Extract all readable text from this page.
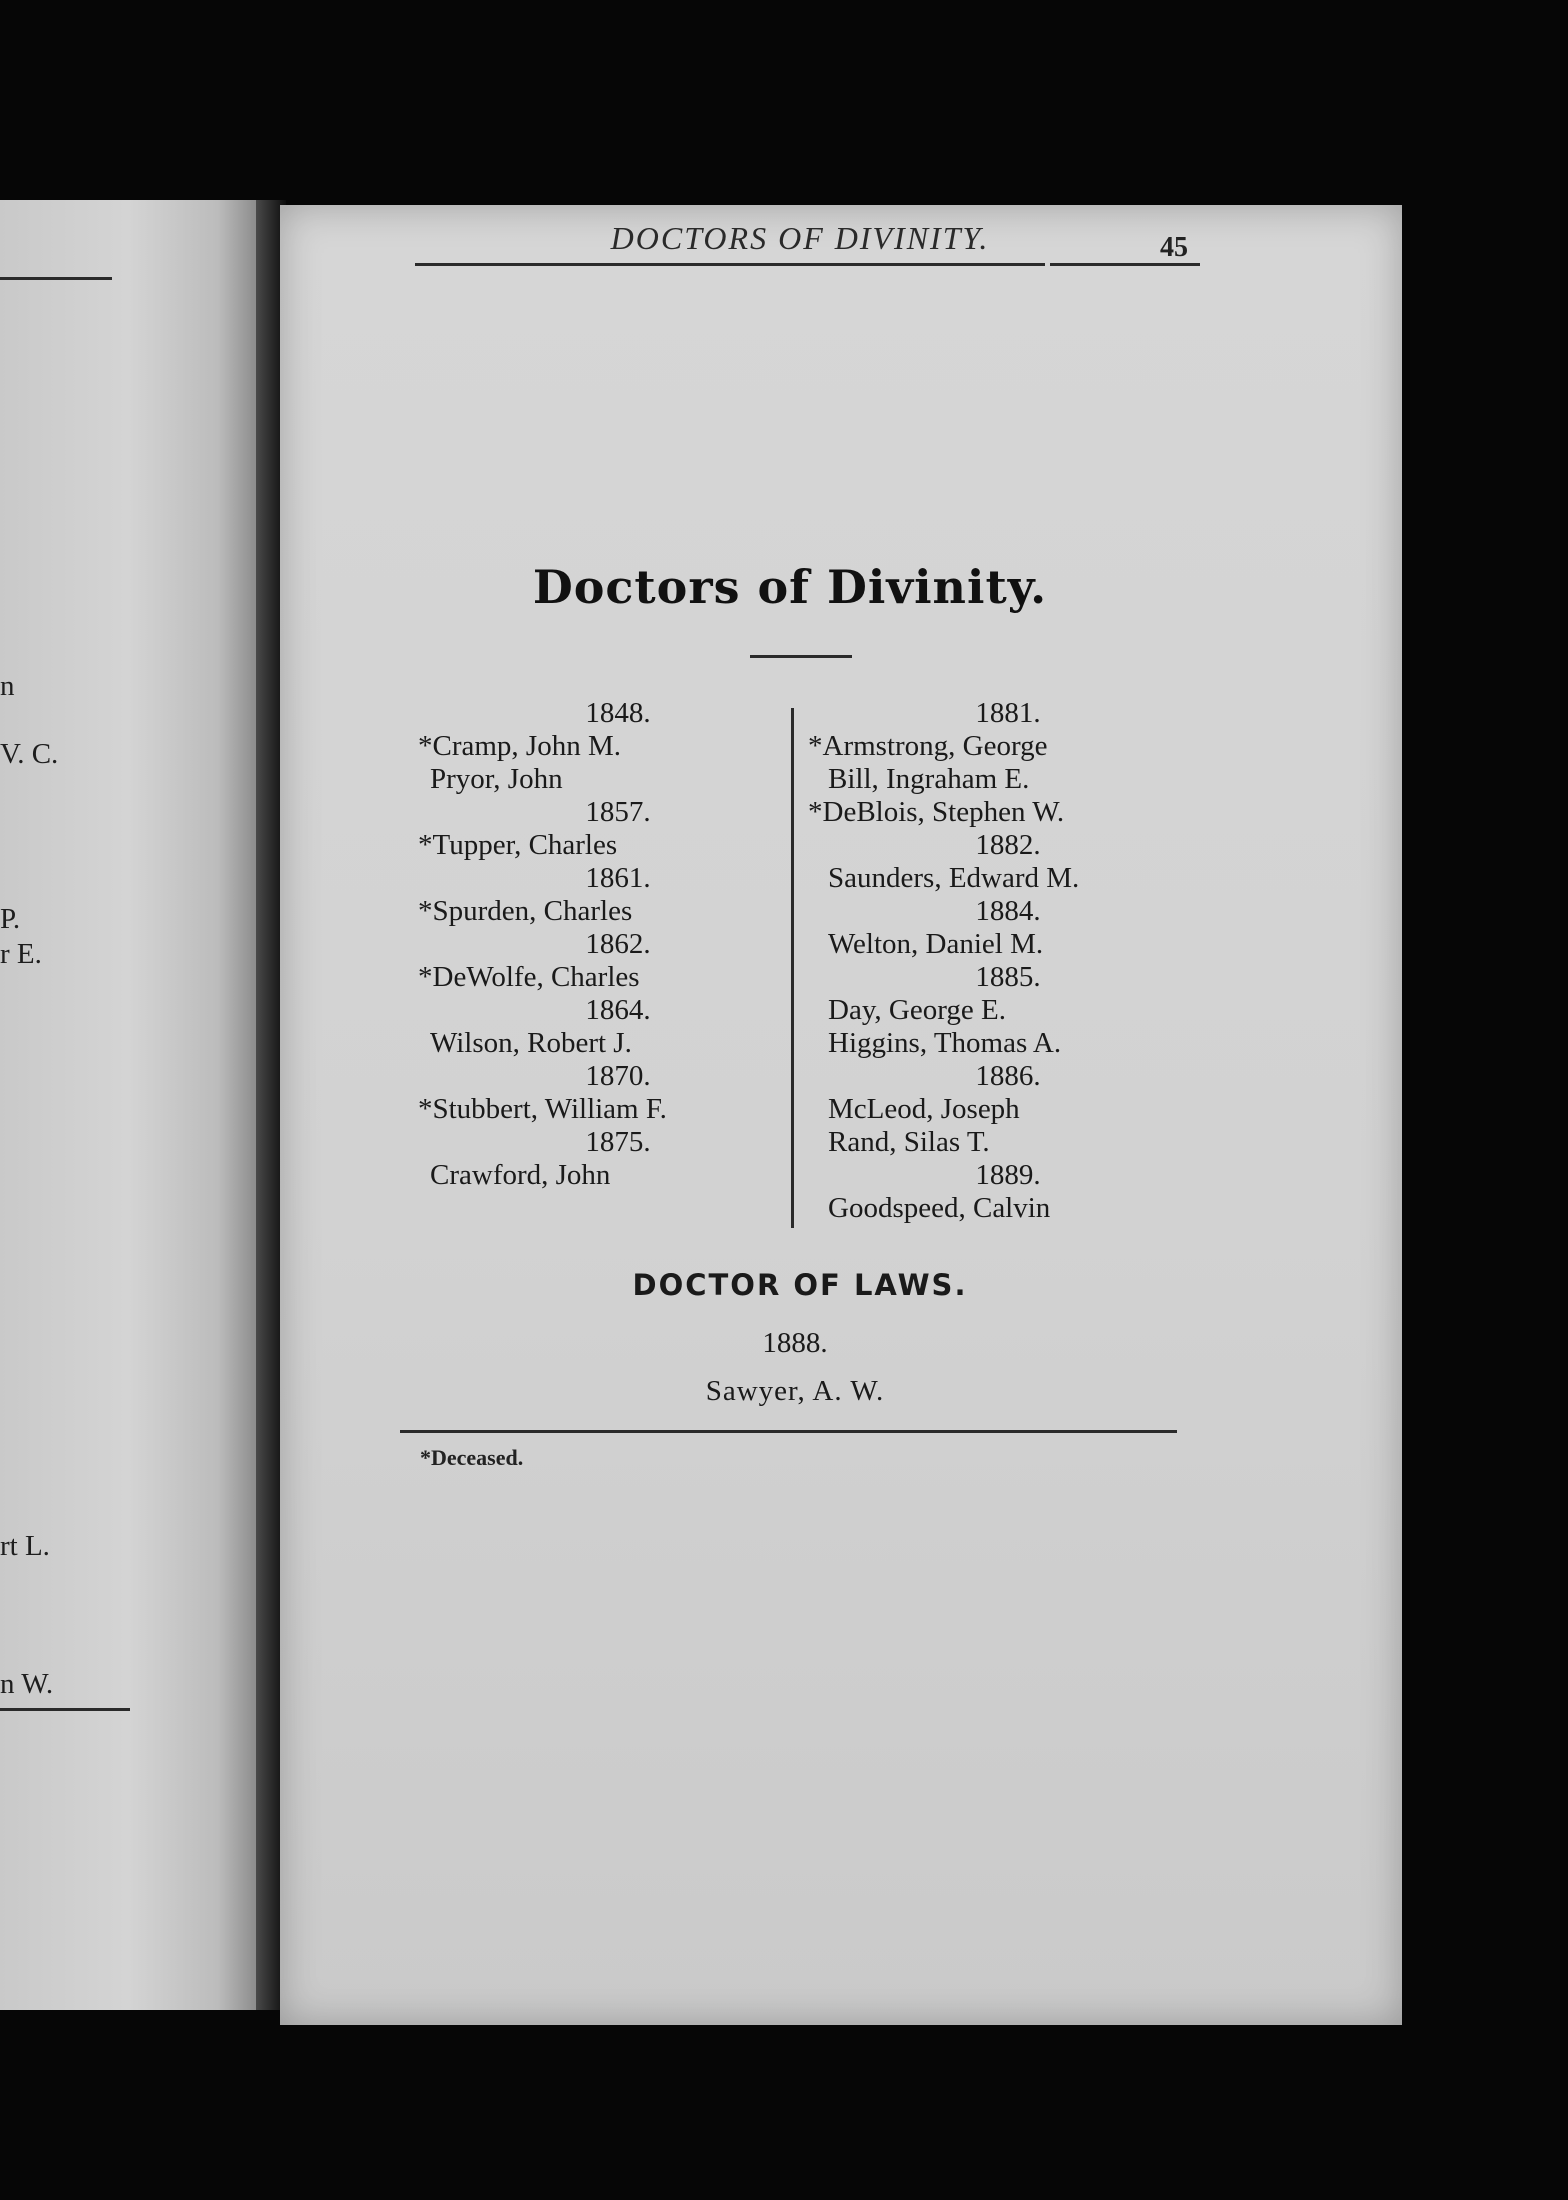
n
V. C.
P.
r E.
rt L.
n W.
DOCTORS OF DIVINITY.	45
Doctors of Divinity.
1848.
*Cramp, John M.
Pryor, John
1857.
*Tupper, Charles
1861.
*Spurden, Charles
1862.
*DeWolfe, Charles
1864.
Wilson, Robert J.
1870.
*Stubbert, William F.
1875.
Crawford, John
1881.
*Armstrong, George
Bill, Ingraham E.
*DeBlois, Stephen W.
1882.
Saunders, Edward M.
1884.
Welton, Daniel M.
1885.
Day, George E.
Higgins, Thomas A.
1886.
McLeod, Joseph
Rand, Silas T.
1889.
Goodspeed, Calvin
DOCTOR OF LAWS.
1888.
Sawyer, A. W.
*Deceased.
